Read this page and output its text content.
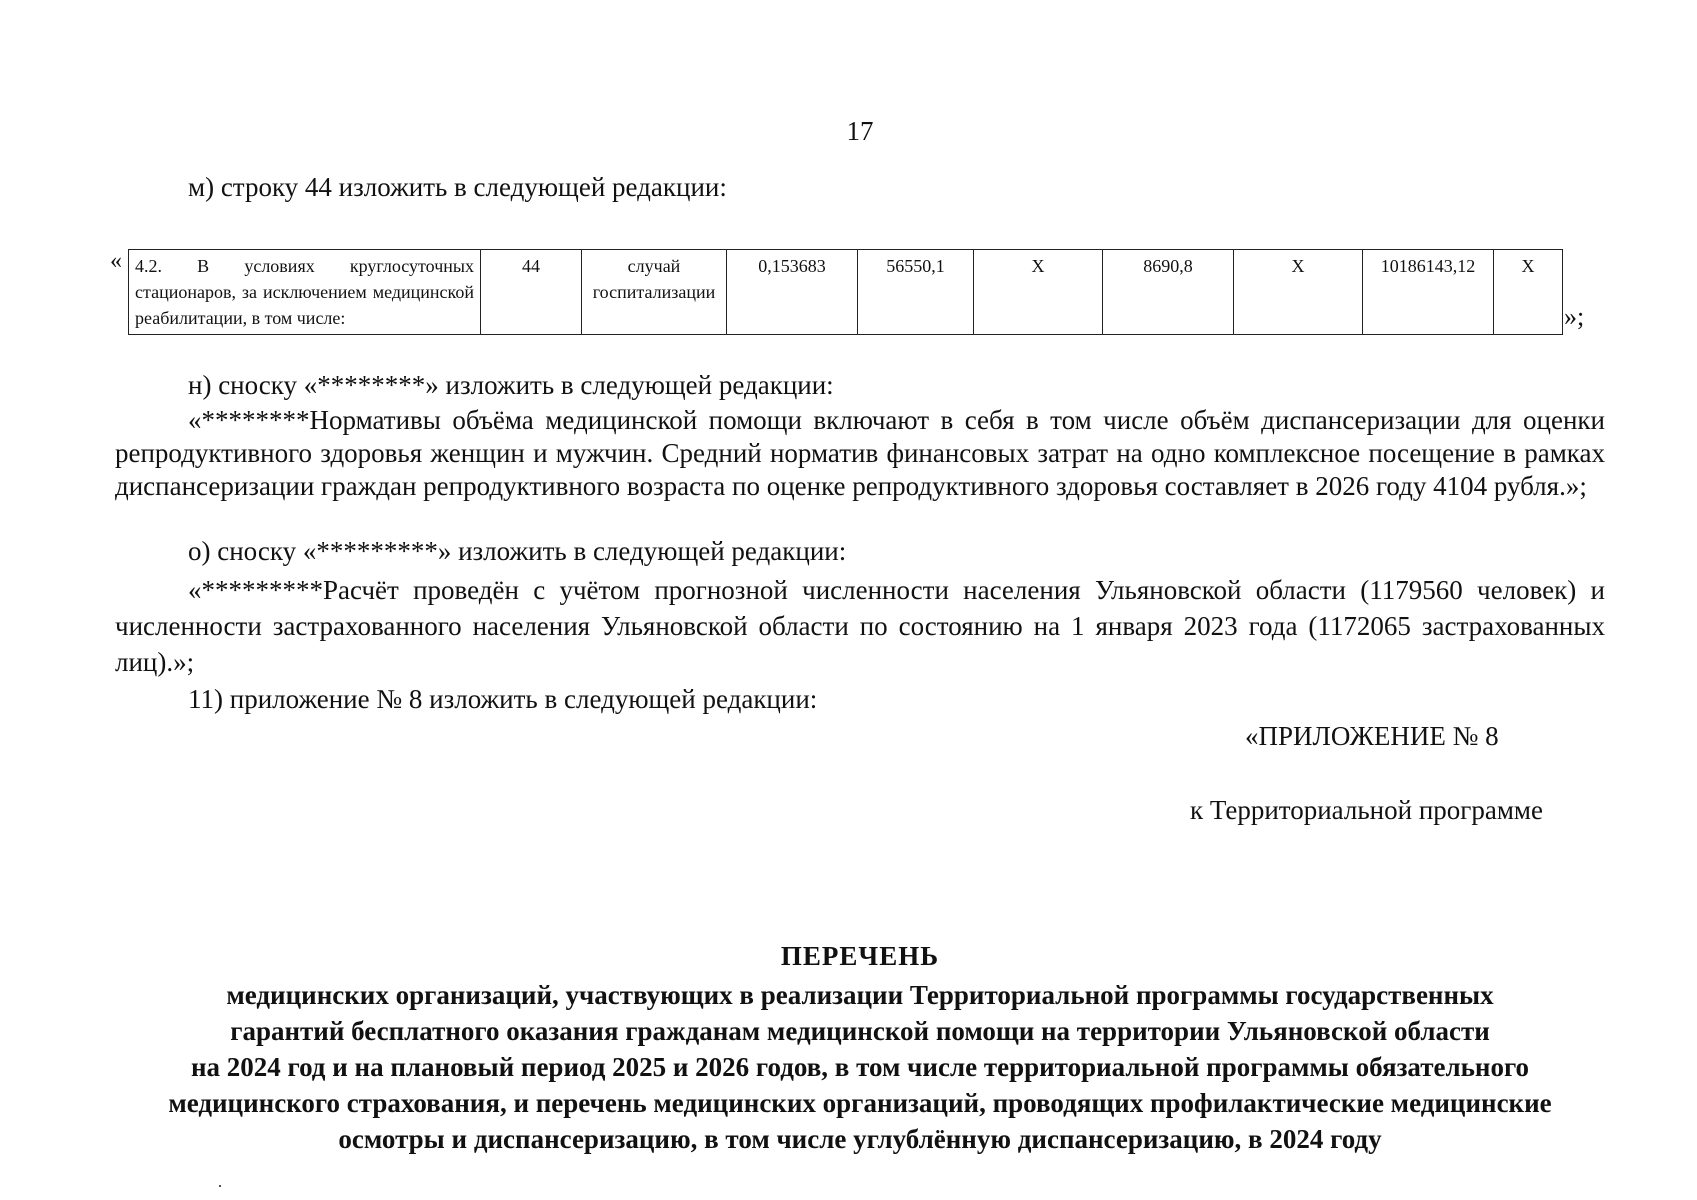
17
м) строку 44 изложить в следующей редакции:
« 4.2. В условиях круглосуточных стационаров, за исключением медицинской реабилитации, в том числе:	44	случай госпитализации	0,153683	56550,1	X	8690,8	X	10186143,12	X
»;
н) сноску «********» изложить в следующей редакции:
«********Нормативы объёма медицинской помощи включают в себя в том числе объём диспансеризации для оценки репродуктивного здоровья женщин и мужчин. Средний норматив финансовых затрат на одно комплексное посещение в рамках диспансеризации граждан репродуктивного возраста по оценке репродуктивного здоровья составляет в 2026 году 4104 рубля.»;
о) сноску «*********» изложить в следующей редакции:
«*********Расчёт проведён с учётом прогнозной численности населения Ульяновской области (1179560 человек) и численности застрахованного населения Ульяновской области по состоянию на 1 января 2023 года (1172065 застрахованных лиц).»;
11) приложение № 8 изложить в следующей редакции:
«ПРИЛОЖЕНИЕ № 8
к Территориальной программе
ПЕРЕЧЕНЬ
медицинских организаций, участвующих в реализации Территориальной программы государственных
гарантий бесплатного оказания гражданам медицинской помощи на территории Ульяновской области
на 2024 год и на плановый период 2025 и 2026 годов, в том числе территориальной программы обязательного
медицинского страхования, и перечень медицинских организаций, проводящих профилактические медицинские
осмотры и диспансеризацию, в том числе углублённую диспансеризацию, в 2024 году
